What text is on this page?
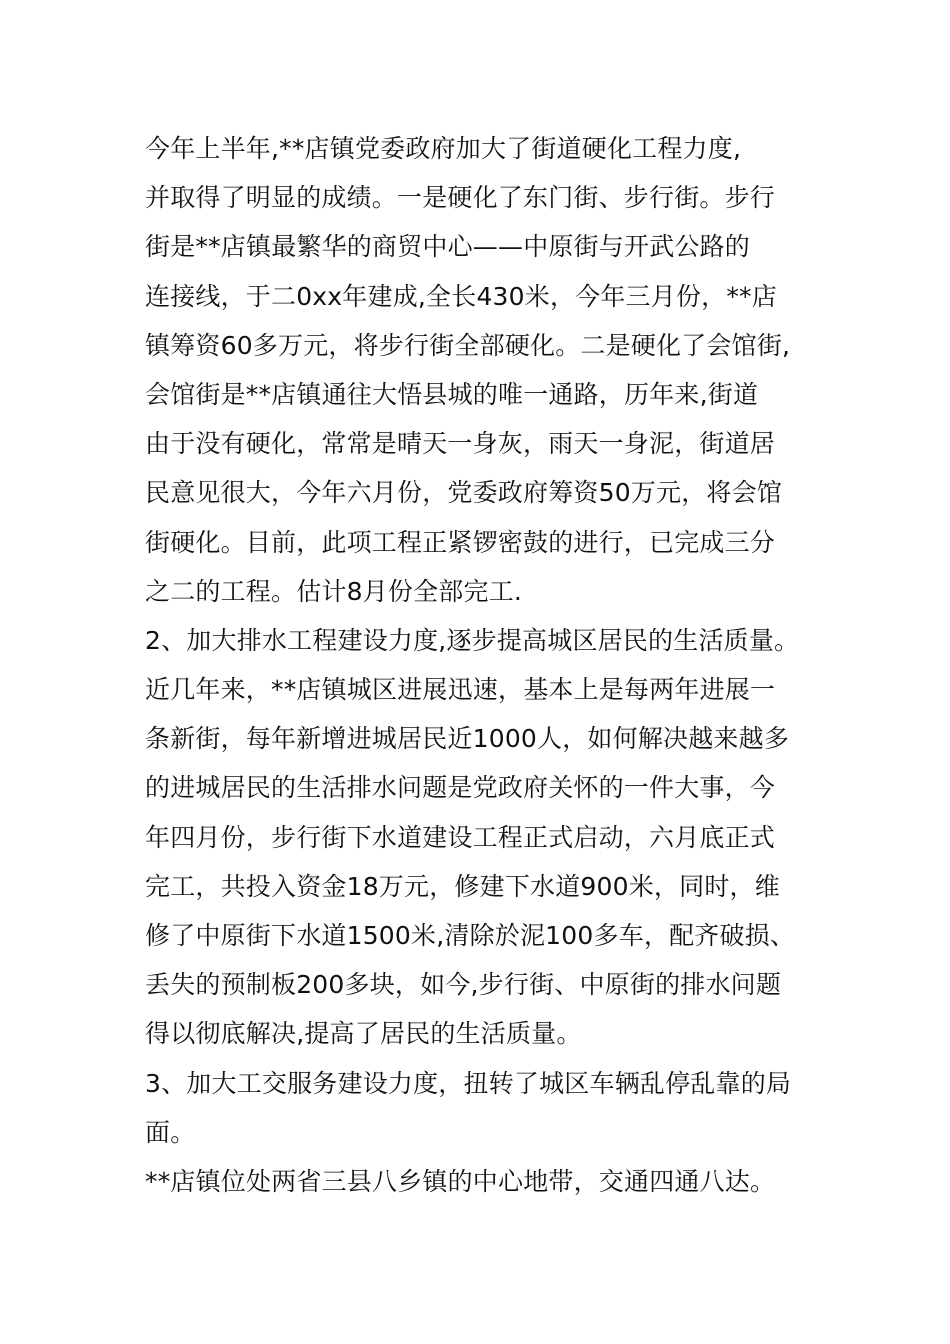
今年上半年,**店镇党委政府加大了街道硬化工程力度,
并取得了明显的成绩。一是硬化了东门街、步行街。步行
街是**店镇最繁华的商贸中心——中原街与开武公路的
连接线，于二0xx年建成,全长430米，今年三月份，**店
镇筹资60多万元，将步行街全部硬化。二是硬化了会馆街,
会馆街是**店镇通往大悟县城的唯一通路，历年来,街道
由于没有硬化，常常是晴天一身灰，雨天一身泥，街道居
民意见很大，今年六月份，党委政府筹资50万元，将会馆
街硬化。目前，此项工程正紧锣密鼓的进行，已完成三分
之二的工程。估计8月份全部完工.
2、加大排水工程建设力度,逐步提高城区居民的生活质量。
近几年来，**店镇城区进展迅速，基本上是每两年进展一
条新街，每年新增进城居民近1000人，如何解决越来越多
的进城居民的生活排水问题是党政府关怀的一件大事，今
年四月份，步行街下水道建设工程正式启动，六月底正式
完工，共投入资金18万元，修建下水道900米，同时，维
修了中原街下水道1500米,清除於泥100多车，配齐破损、
丢失的预制板200多块，如今,步行街、中原街的排水问题
得以彻底解决,提高了居民的生活质量。
3、加大工交服务建设力度，扭转了城区车辆乱停乱靠的局
面。
**店镇位处两省三县八乡镇的中心地带，交通四通八达。
